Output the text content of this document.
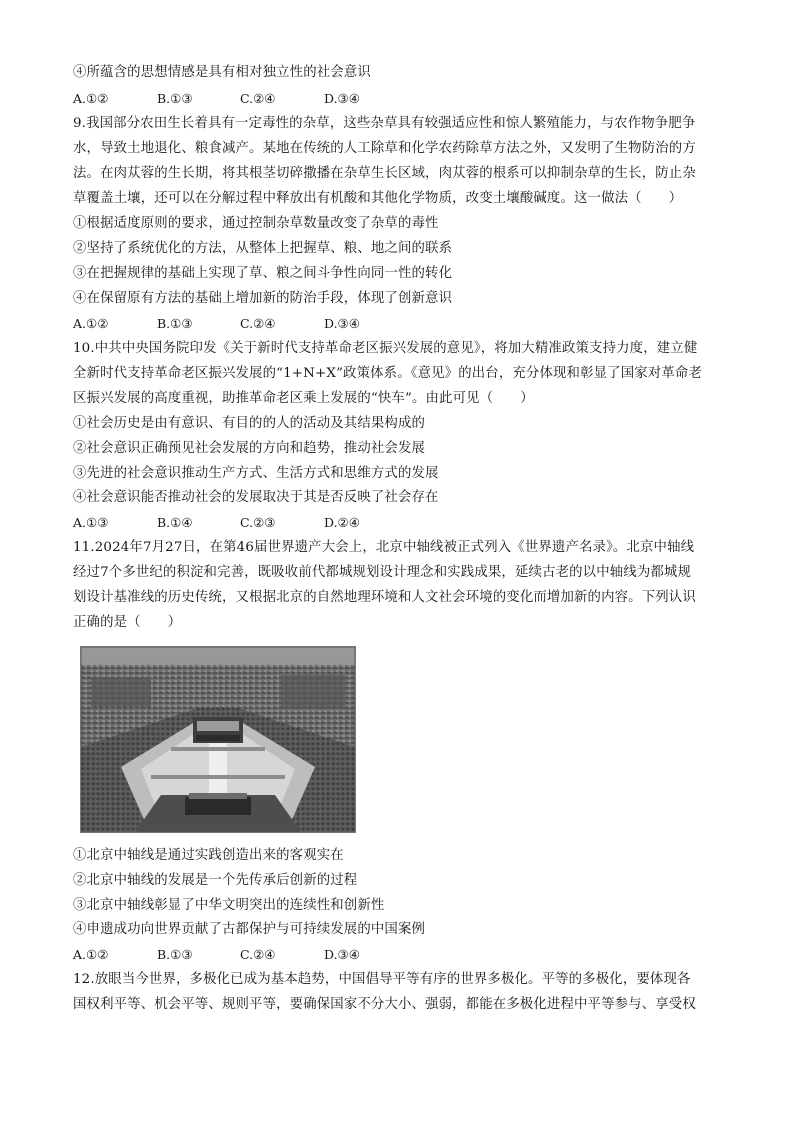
④所蕴含的思想情感是具有相对独立性的社会意识
A.①②	B.①③	C.②④	D.③④
9.我国部分农田生长着具有一定毒性的杂草，这些杂草具有较强适应性和惊人繁殖能力，与农作物争肥争
水，导致土地退化、粮食减产。某地在传统的人工除草和化学农药除草方法之外，又发明了生物防治的方
法。在肉苁蓉的生长期，将其根茎切碎撒播在杂草生长区域，肉苁蓉的根系可以抑制杂草的生长，防止杂
草覆盖土壤，还可以在分解过程中释放出有机酸和其他化学物质，改变土壤酸碱度。这一做法（　　）
①根据适度原则的要求，通过控制杂草数量改变了杂草的毒性
②坚持了系统优化的方法，从整体上把握草、粮、地之间的联系
③在把握规律的基础上实现了草、粮之间斗争性向同一性的转化
④在保留原有方法的基础上增加新的防治手段，体现了创新意识
A.①②	B.①③	C.②④	D.③④
10.中共中央国务院印发《关于新时代支持革命老区振兴发展的意见》，将加大精准政策支持力度，建立健
全新时代支持革命老区振兴发展的“1+N+X”政策体系。《意见》的出台，充分体现和彰显了国家对革命老
区振兴发展的高度重视，助推革命老区乘上发展的“快车”。由此可见（　　）
①社会历史是由有意识、有目的的人的活动及其结果构成的
②社会意识正确预见社会发展的方向和趋势，推动社会发展
③先进的社会意识推动生产方式、生活方式和思维方式的发展
④社会意识能否推动社会的发展取决于其是否反映了社会存在
A.①③	B.①④	C.②③	D.②④
11.2024年7月27日，在第46届世界遗产大会上，北京中轴线被正式列入《世界遗产名录》。北京中轴线
经过7个多世纪的积淀和完善，既吸收前代都城规划设计理念和实践成果，延续古老的以中轴线为都城规
划设计基准线的历史传统，又根据北京的自然地理环境和人文社会环境的变化而增加新的内容。下列认识
正确的是（　　）
①北京中轴线是通过实践创造出来的客观实在
②北京中轴线的发展是一个先传承后创新的过程
③北京中轴线彰显了中华文明突出的连续性和创新性
④申遗成功向世界贡献了古都保护与可持续发展的中国案例
A.①②	B.①③	C.②④	D.③④
12.放眼当今世界，多极化已成为基本趋势，中国倡导平等有序的世界多极化。平等的多极化，要体现各
国权利平等、机会平等、规则平等，要确保国家不分大小、强弱，都能在多极化进程中平等参与、享受权
